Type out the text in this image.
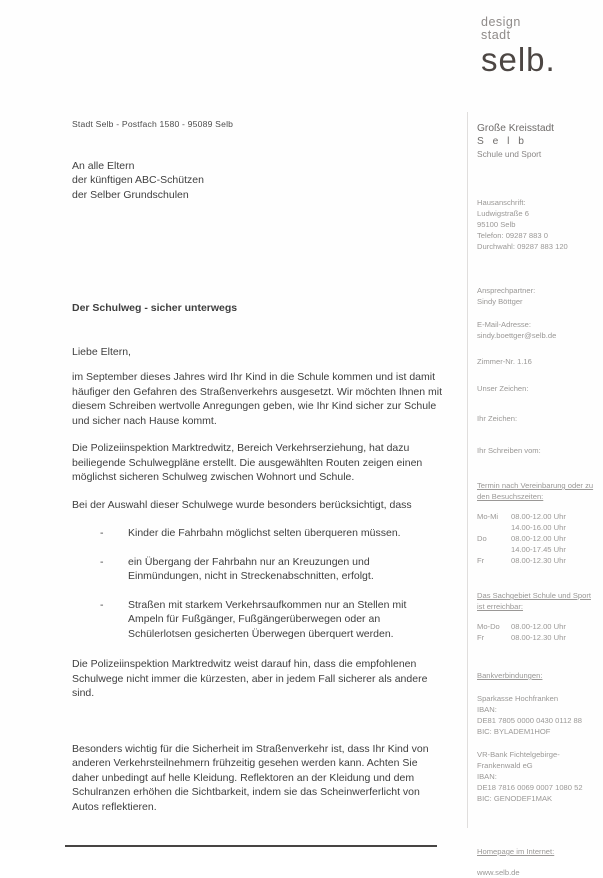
design
stadt
selb.
Stadt Selb - Postfach 1580 - 95089 Selb
An alle Eltern
der künftigen ABC-Schützen
der Selber Grundschulen
Der Schulweg - sicher unterwegs
Liebe Eltern,
im September dieses Jahres wird Ihr Kind in die Schule kommen und ist damit häufiger den Gefahren des Straßenverkehrs ausgesetzt. Wir möchten Ihnen mit diesem Schreiben wertvolle Anregungen geben, wie Ihr Kind sicher zur Schule und sicher nach Hause kommt.
Die Polizeiinspektion Marktredwitz, Bereich Verkehrserziehung, hat dazu beiliegende Schulwegpläne erstellt. Die ausgewählten Routen zeigen einen möglichst sicheren Schulweg zwischen Wohnort und Schule.
Bei der Auswahl dieser Schulwege wurde besonders berücksichtigt, dass
-
Kinder die Fahrbahn möglichst selten überqueren müssen.
-
ein Übergang der Fahrbahn nur an Kreuzungen und Einmündungen, nicht in Streckenabschnitten, erfolgt.
-
Straßen mit starkem Verkehrsaufkommen nur an Stellen mit Ampeln für Fußgänger, Fußgängerüberwegen oder an Schülerlotsen gesicherten Überwegen überquert werden.
Die Polizeiinspektion Marktredwitz weist darauf hin, dass die empfohlenen Schulwege nicht immer die kürzesten, aber in jedem Fall sicherer als andere sind.
Besonders wichtig für die Sicherheit im Straßenverkehr ist, dass Ihr Kind von anderen Verkehrsteilnehmern frühzeitig gesehen werden kann. Achten Sie daher unbedingt auf helle Kleidung. Reflektoren an der Kleidung und dem Schulranzen erhöhen die Sichtbarkeit, indem sie das Scheinwerferlicht von Autos reflektieren.
Große Kreisstadt
S e l b
Schule und Sport
Hausanschrift:
Ludwigstraße 6
95100 Selb
Telefon: 09287 883 0
Durchwahl: 09287 883 120
Ansprechpartner:
Sindy Böttger
E-Mail-Adresse:
sindy.boettger@selb.de
Zimmer-Nr. 1.16
Unser Zeichen:
Ihr Zeichen:
Ihr Schreiben vom:
Termin nach Vereinbarung oder zu den Besuchszeiten:
Mo-Mi	08.00-12.00 Uhr
14.00-16.00 Uhr
Do	08.00-12.00 Uhr
14.00-17.45 Uhr
Fr	08.00-12.30 Uhr
Das Sachgebiet Schule und Sport ist erreichbar:
Mo-Do	08.00-12.00 Uhr
Fr	08.00-12.30 Uhr
Bankverbindungen:
Sparkasse Hochfranken
IBAN:
DE81 7805 0000 0430 0112 88
BIC: BYLADEM1HOF
VR-Bank Fichtelgebirge-Frankenwald eG
IBAN:
DE18 7816 0069 0007 1080 52
BIC: GENODEF1MAK
Homepage im Internet:
www.selb.de
